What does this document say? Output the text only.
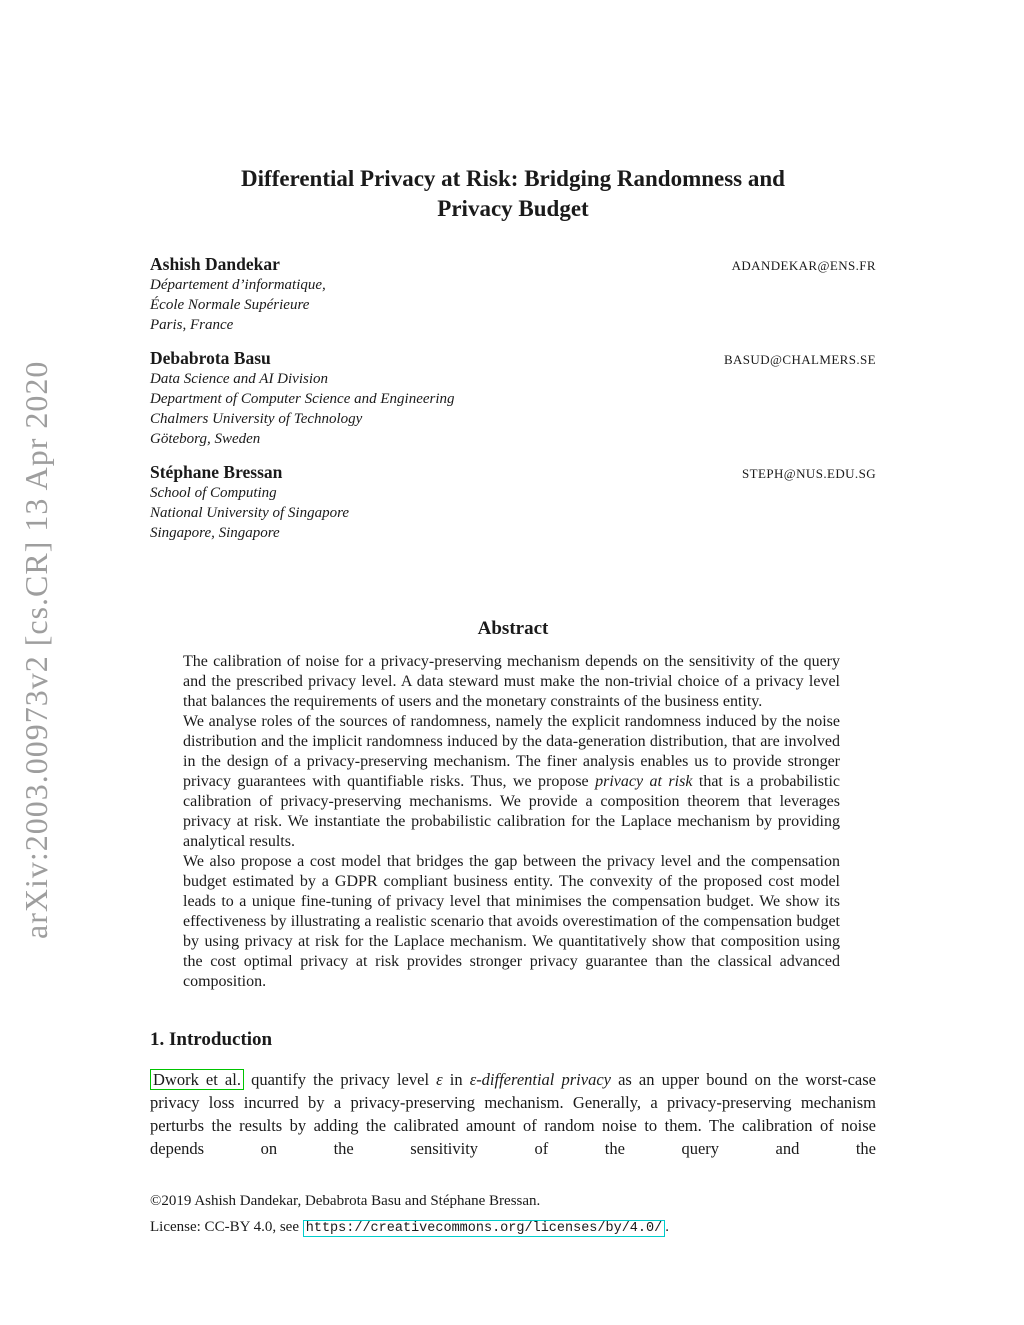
arXiv:2003.00973v2 [cs.CR] 13 Apr 2020
Differential Privacy at Risk: Bridging Randomness and
Privacy Budget
Ashish Dandekar	ADANDEKAR@ENS.FR
Département d’informatique,
École Normale Supérieure
Paris, France
Debabrota Basu	BASUD@CHALMERS.SE
Data Science and AI Division
Department of Computer Science and Engineering
Chalmers University of Technology
Göteborg, Sweden
Stéphane Bressan	STEPH@NUS.EDU.SG
School of Computing
National University of Singapore
Singapore, Singapore
Abstract

The calibration of noise for a privacy-preserving mechanism depends on the sensitivity of the query and the prescribed privacy level. A data steward must make the non-trivial choice of a privacy level that balances the requirements of users and the monetary constraints of the business entity.

We analyse roles of the sources of randomness, namely the explicit randomness induced by the noise distribution and the implicit randomness induced by the data-generation distribution, that are involved in the design of a privacy-preserving mechanism. The finer analysis enables us to provide stronger privacy guarantees with quantifiable risks. Thus, we propose privacy at risk that is a probabilistic calibration of privacy-preserving mechanisms. We provide a composition theorem that leverages privacy at risk. We instantiate the probabilistic calibration for the Laplace mechanism by providing analytical results.

We also propose a cost model that bridges the gap between the privacy level and the compensation budget estimated by a GDPR compliant business entity. The convexity of the proposed cost model leads to a unique fine-tuning of privacy level that minimises the compensation budget. We show its effectiveness by illustrating a realistic scenario that avoids overestimation of the compensation budget by using privacy at risk for the Laplace mechanism. We quantitatively show that composition using the cost optimal privacy at risk provides stronger privacy guarantee than the classical advanced composition.

1. Introduction

Dwork et al. quantify the privacy level ε in ε-differential privacy as an upper bound on the worst-case privacy loss incurred by a privacy-preserving mechanism. Generally, a privacy-preserving mechanism perturbs the results by adding the calibrated amount of random noise to them. The calibration of noise depends on the sensitivity of the query and the

©2019 Ashish Dandekar, Debabrota Basu and Stéphane Bressan.
License: CC-BY 4.0, see https://creativecommons.org/licenses/by/4.0/ .
